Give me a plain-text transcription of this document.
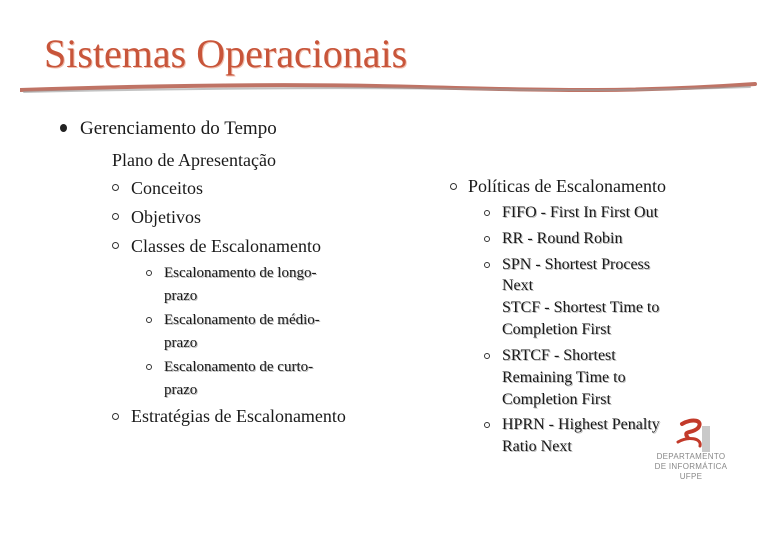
Sistemas Operacionais
Gerenciamento do Tempo
Plano de Apresentação
Conceitos
Objetivos
Classes de Escalonamento
Escalonamento de longo-
prazo
Escalonamento de médio-
prazo
Escalonamento de curto-
prazo
Estratégias de Escalonamento
Políticas de Escalonamento
FIFO - First In First Out
RR - Round Robin
SPN - Shortest Process
Next
STCF - Shortest Time to
Completion First
SRTCF - Shortest
Remaining Time to
Completion First
HPRN - Highest Penalty
Ratio Next
DEPARTAMENTO
DE INFORMÁTICA
UFPE
